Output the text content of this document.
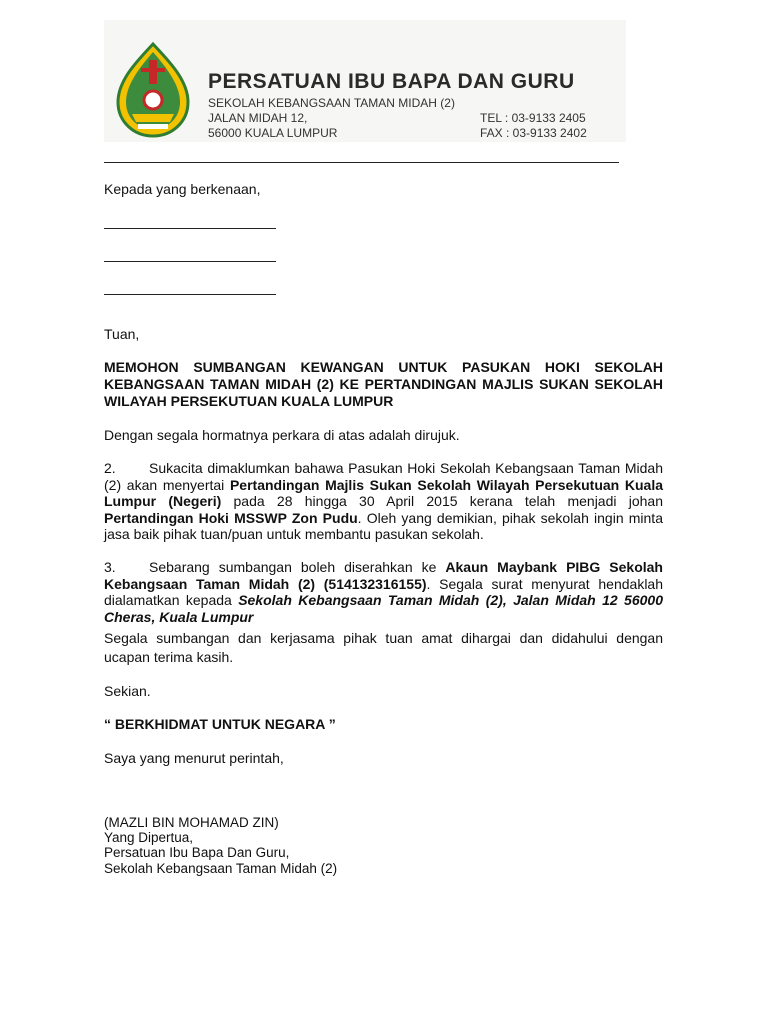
PERSATUAN IBU BAPA DAN GURU
SEKOLAH KEBANGSAAN TAMAN MIDAH (2)
JALAN MIDAH 12,
56000 KUALA LUMPUR
TEL : 03-9133 2405
FAX : 03-9133 2402
Kepada yang berkenaan,
Tuan,
MEMOHON SUMBANGAN KEWANGAN UNTUK PASUKAN HOKI SEKOLAH KEBANGSAAN TAMAN MIDAH (2) KE PERTANDINGAN MAJLIS SUKAN SEKOLAH WILAYAH PERSEKUTUAN KUALA LUMPUR
Dengan segala hormatnya perkara di atas adalah dirujuk.
2. Sukacita dimaklumkan bahawa Pasukan Hoki Sekolah Kebangsaan Taman Midah (2) akan menyertai Pertandingan Majlis Sukan Sekolah Wilayah Persekutuan Kuala Lumpur (Negeri) pada 28 hingga 30 April 2015 kerana telah menjadi johan Pertandingan Hoki MSSWP Zon Pudu. Oleh yang demikian, pihak sekolah ingin minta jasa baik pihak tuan/puan untuk membantu pasukan sekolah.
3. Sebarang sumbangan boleh diserahkan ke Akaun Maybank PIBG Sekolah Kebangsaan Taman Midah (2) (514132316155). Segala surat menyurat hendaklah dialamatkan kepada Sekolah Kebangsaan Taman Midah (2), Jalan Midah 12 56000 Cheras, Kuala Lumpur
Segala sumbangan dan kerjasama pihak tuan amat dihargai dan didahului dengan ucapan terima kasih.
Sekian.
“ BERKHIDMAT UNTUK NEGARA ”
Saya yang menurut perintah,
(MAZLI BIN MOHAMAD ZIN)
Yang Dipertua,
Persatuan Ibu Bapa Dan Guru,
Sekolah Kebangsaan Taman Midah (2)
